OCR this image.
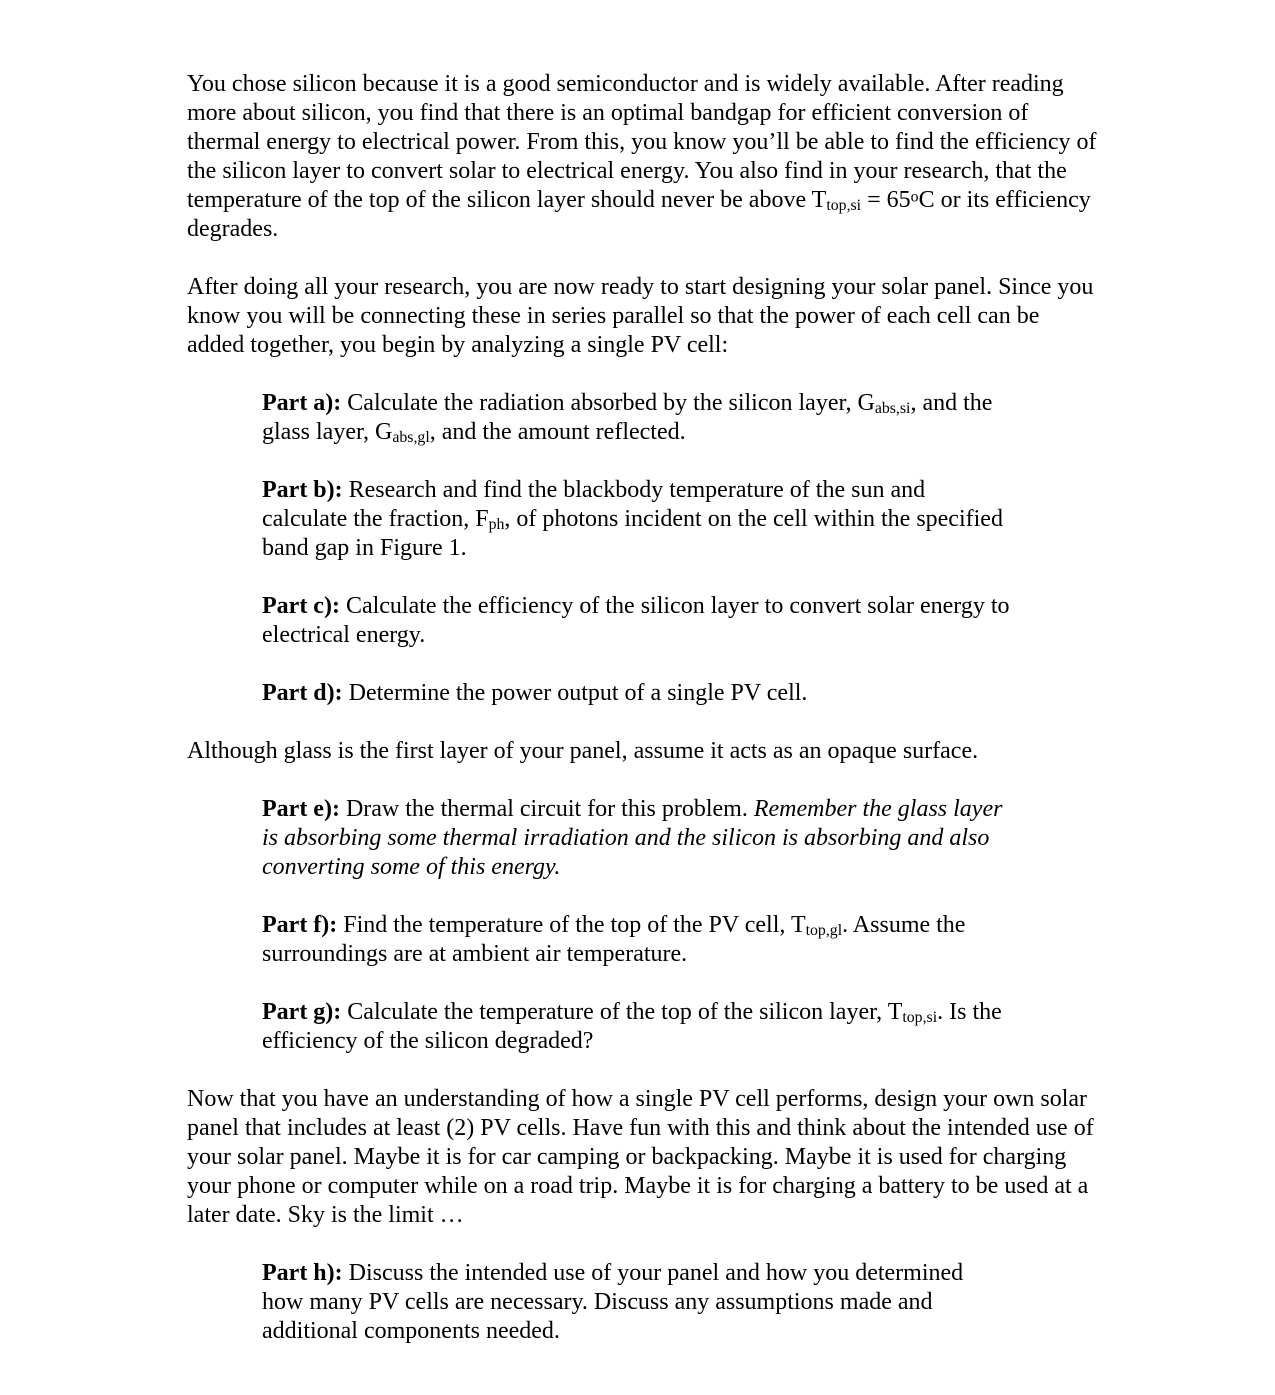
You chose silicon because it is a good semiconductor and is widely available. After reading more about silicon, you find that there is an optimal bandgap for efficient conversion of thermal energy to electrical power. From this, you know you’ll be able to find the efficiency of the silicon layer to convert solar to electrical energy. You also find in your research, that the temperature of the top of the silicon layer should never be above $T_{top,si} = 65^oC$ or its efficiency degrades.

After doing all your research, you are now ready to start designing your solar panel. Since you know you will be connecting these in series parallel so that the power of each cell can be added together, you begin by analyzing a single PV cell:

Part a): Calculate the radiation absorbed by the silicon layer, $G_{abs,si}$, and the glass layer, $G_{abs,gl}$, and the amount reflected.

Part b): Research and find the blackbody temperature of the sun and calculate the fraction, $F_{ph}$, of photons incident on the cell within the specified band gap in Figure 1.

Part c): Calculate the efficiency of the silicon layer to convert solar energy to electrical energy.

Part d): Determine the power output of a single PV cell.

Although glass is the first layer of your panel, assume it acts as an opaque surface.

Part e): Draw the thermal circuit for this problem. Remember the glass layer is absorbing some thermal irradiation and the silicon is absorbing and also converting some of this energy.

Part f): Find the temperature of the top of the PV cell, $T_{top,gl}$. Assume the surroundings are at ambient air temperature.

Part g): Calculate the temperature of the top of the silicon layer, $T_{top,si}$. Is the efficiency of the silicon degraded?

Now that you have an understanding of how a single PV cell performs, design your own solar panel that includes at least (2) PV cells. Have fun with this and think about the intended use of your solar panel. Maybe it is for car camping or backpacking. Maybe it is used for charging your phone or computer while on a road trip. Maybe it is for charging a battery to be used at a later date. Sky is the limit …

Part h): Discuss the intended use of your panel and how you determined how many PV cells are necessary. Discuss any assumptions made and additional components needed.
